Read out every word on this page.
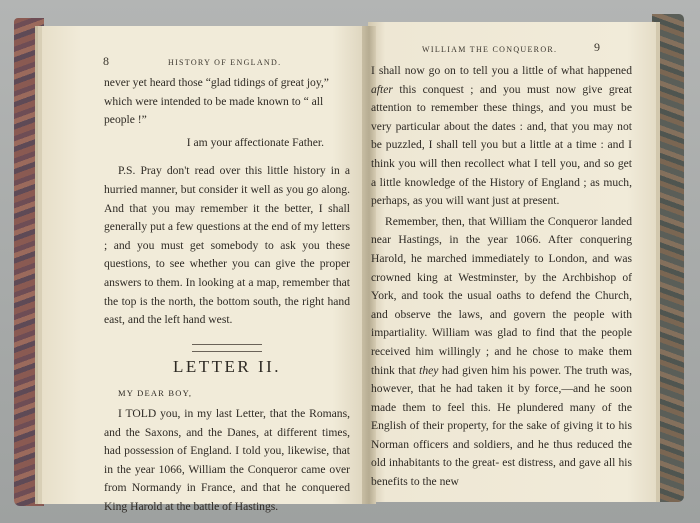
8	HISTORY OF ENGLAND.

never yet heard those “glad tidings of great joy,”
which were intended to be made known to “ all
people !”

I am your affectionate Father.

P.S. Pray don't read over this little history in a hurried manner, but consider it well as you go along. And that you may remember it the better, I shall generally put a few questions at the end of my letters ; and you must get somebody to ask you these questions, to see whether you can give the proper answers to them. In looking at a map, remember that the top is the north, the bottom south, the right hand east, and the left hand west.

LETTER II.
MY DEAR BOY,

I TOLD you, in my last Letter, that the Romans, and the Saxons, and the Danes, at different times, had possession of England. I told you, likewise, that in the year 1066, William the Conqueror came over from Normandy in France, and that he conquered King Harold at the battle of Hastings.

WILLIAM THE CONQUEROR.	9

I shall now go on to tell you a little of what happened after this conquest ; and you must now give great attention to remember these things, and you must be very particular about the dates : and, that you may not be puzzled, I shall tell you but a little at a time : and I think you will then recollect what I tell you, and so get a little knowledge of the History of England ; as much, perhaps, as you will want just at present.

Remember, then, that William the Conqueror landed near Hastings, in the year 1066. After conquering Harold, he marched immediately to London, and was crowned king at Westminster, by the Archbishop of York, and took the usual oaths to defend the Church, and observe the laws, and govern the people with impartiality. William was glad to find that the people received him willingly ; and he chose to make them think that they had given him his power. The truth was, however, that he had taken it by force,—and he soon made them to feel this. He plundered many of the English of their property, for the sake of giving it to his Norman officers and soldiers, and he thus reduced the old inhabitants to the great- est distress, and gave all his benefits to the new
